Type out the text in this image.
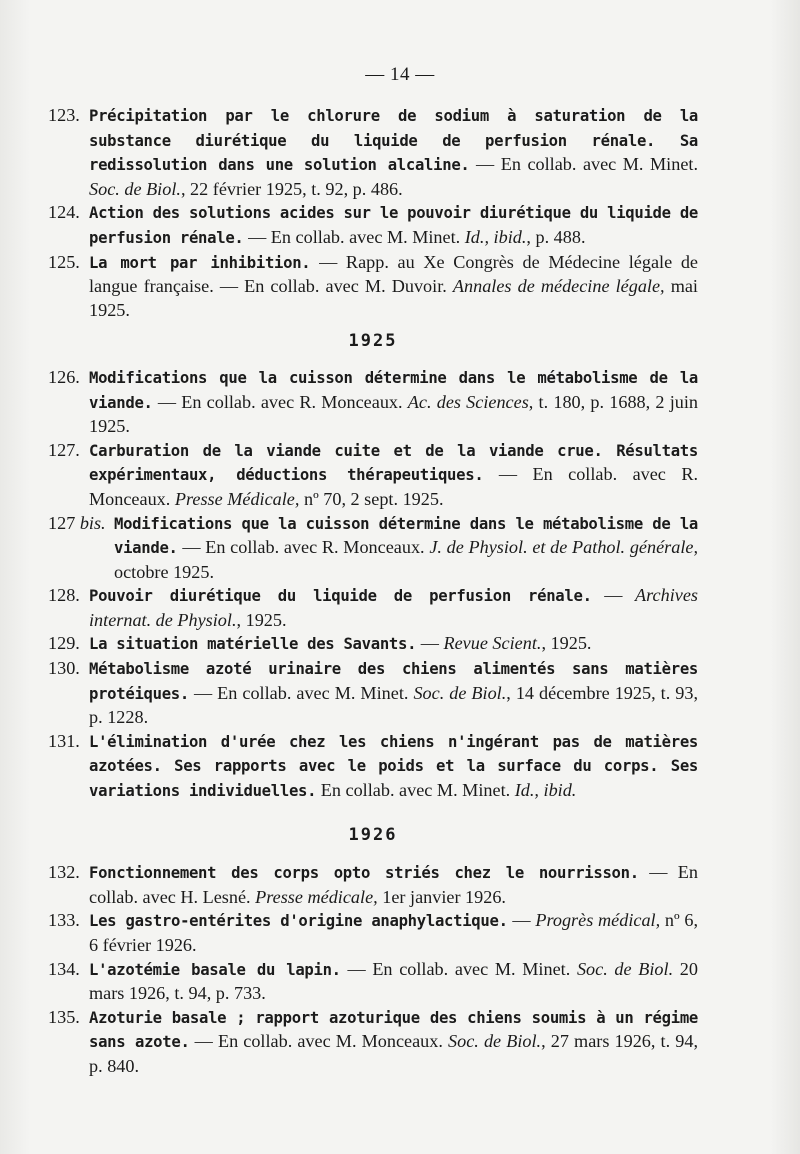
— 14 —
123. Précipitation par le chlorure de sodium à saturation de la substance diurétique du liquide de perfusion rénale. Sa redissolution dans une solution alcaline. — En collab. avec M. Minet. Soc. de Biol., 22 février 1925, t. 92, p. 486.
124. Action des solutions acides sur le pouvoir diurétique du liquide de perfusion rénale. — En collab. avec M. Minet. Id., ibid., p. 488.
125. La mort par inhibition. — Rapp. au Xe Congrès de Médecine légale de langue française. — En collab. avec M. Duvoir. Annales de médecine légale, mai 1925.
1925
126. Modifications que la cuisson détermine dans le métabolisme de la viande. — En collab. avec R. Monceaux. Ac. des Sciences, t. 180, p. 1688, 2 juin 1925.
127. Carburation de la viande cuite et de la viande crue. Résultats expérimentaux, déductions thérapeutiques. — En collab. avec R. Monceaux. Presse Médicale, nº 70, 2 sept. 1925.
127 bis. Modifications que la cuisson détermine dans le métabolisme de la viande. — En collab. avec R. Monceaux. J. de Physiol. et de Pathol. générale, octobre 1925.
128. Pouvoir diurétique du liquide de perfusion rénale. — Archives internat. de Physiol., 1925.
129. La situation matérielle des Savants. — Revue Scient., 1925.
130. Métabolisme azoté urinaire des chiens alimentés sans matières protéiques. — En collab. avec M. Minet. Soc. de Biol., 14 décembre 1925, t. 93, p. 1228.
131. L'élimination d'urée chez les chiens n'ingérant pas de matières azotées. Ses rapports avec le poids et la surface du corps. Ses variations individuelles. En collab. avec M. Minet. Id., ibid.
1926
132. Fonctionnement des corps opto striés chez le nourrisson. — En collab. avec H. Lesné. Presse médicale, 1er janvier 1926.
133. Les gastro-entérites d'origine anaphylactique. — Progrès médical, nº 6, 6 février 1926.
134. L'azotémie basale du lapin. — En collab. avec M. Minet. Soc. de Biol. 20 mars 1926, t. 94, p. 733.
135. Azoturie basale ; rapport azoturique des chiens soumis à un régime sans azote. — En collab. avec M. Monceaux. Soc. de Biol., 27 mars 1926, t. 94, p. 840.
